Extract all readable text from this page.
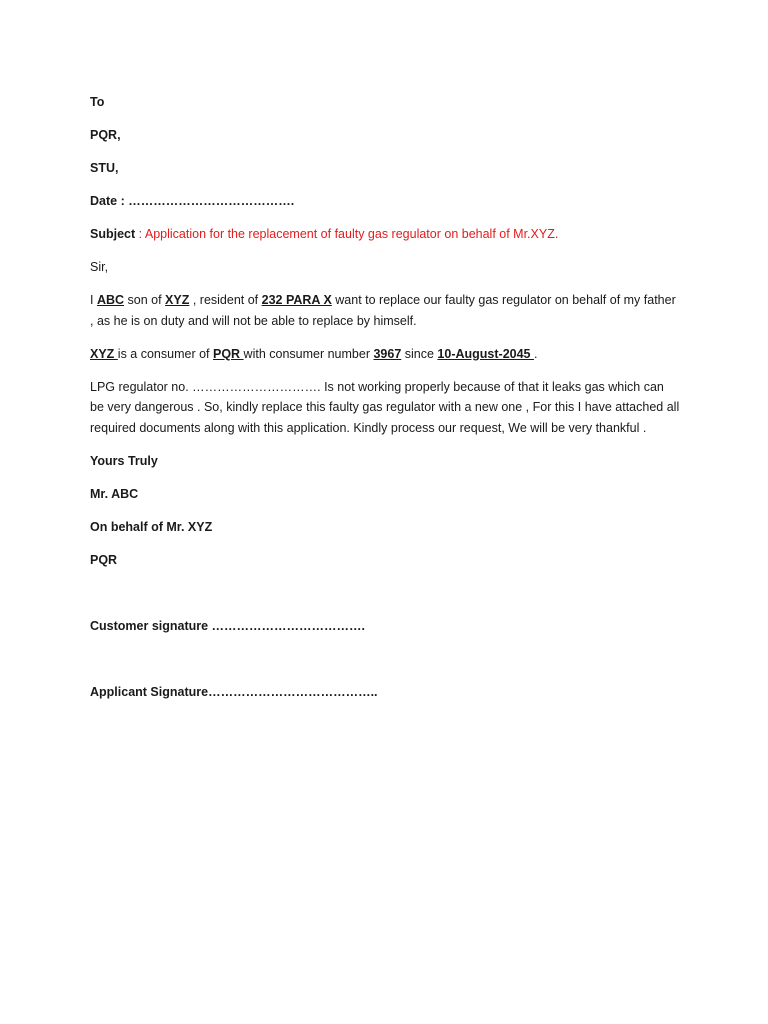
To
PQR,
STU,
Date : ………………………………….
Subject : Application for the replacement of faulty gas regulator on behalf of Mr.XYZ.
Sir,
I ABC son of XYZ , resident of 232 PARA X want to replace our faulty gas regulator on behalf of my father , as he is on duty and will not be able to replace by himself.
XYZ is a consumer of PQR with consumer number 3967 since 10-August-2045 .
LPG regulator no. …………………………. Is not working properly because of that it leaks gas which can be very dangerous . So, kindly replace this faulty gas regulator with a new one , For this I have attached all required documents along with this application. Kindly process our request, We will be very thankful .
Yours Truly
Mr. ABC
On behalf of Mr. XYZ
PQR
Customer signature ……………………………….
Applicant Signature…………………………………..
